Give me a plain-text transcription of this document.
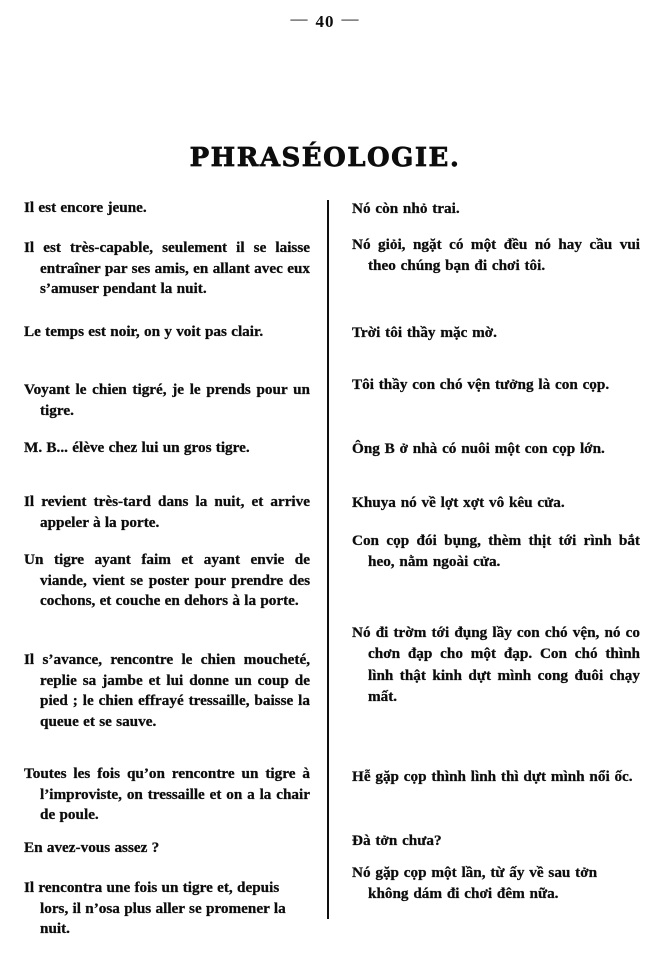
— 40 —
PHRASÉOLOGIE.

Il est encore jeune.

Il est très-capable, seulement il se laisse entraîner par ses amis, en allant avec eux s’amuser pendant la nuit.

Le temps est noir, on y voit pas clair.

Voyant le chien tigré, je le prends pour un tigre.

M. B... élève chez lui un gros tigre.

Il revient très-tard dans la nuit, et arrive appeler à la porte.

Un tigre ayant faim et ayant envie de viande, vient se poster pour prendre des cochons, et couche en dehors à la porte.

Il s’avance, rencontre le chien moucheté, replie sa jambe et lui donne un coup de pied ; le chien effrayé tressaille, baisse la queue et se sauve.

Toutes les fois qu’on rencontre un tigre à l’improviste, on tressaille et on a la chair de poule.

En avez-vous assez ?

Il rencontra une fois un tigre et, depuis lors, il n’osa plus aller se promener la nuit.

Nó còn nhỏ trai.

Nó giỏi, ngặt có một đều nó hay cầu vui theo chúng bạn đi chơi tôi.

Trời tôi thầy mặc mờ.

Tôi thầy con chó vện tưởng là con cọp.

Ông B ở nhà có nuôi một con cọp lớn.

Khuya nó về lợt xợt vô kêu cửa.

Con cọp đói bụng, thèm thịt tới rình bắt heo, nằm ngoài cửa.

Nó đi trờm tới đụng lầy con chó vện, nó co chơn đạp cho một đạp. Con chó thình lình thật kinh dựt mình cong đuôi chạy mất.

Hễ gặp cọp thình lình thì dựt mình nổi ốc.

Đà tởn chưa?

Nó gặp cọp một lần, từ ấy về sau tởn không dám đi chơi đêm nữa.
